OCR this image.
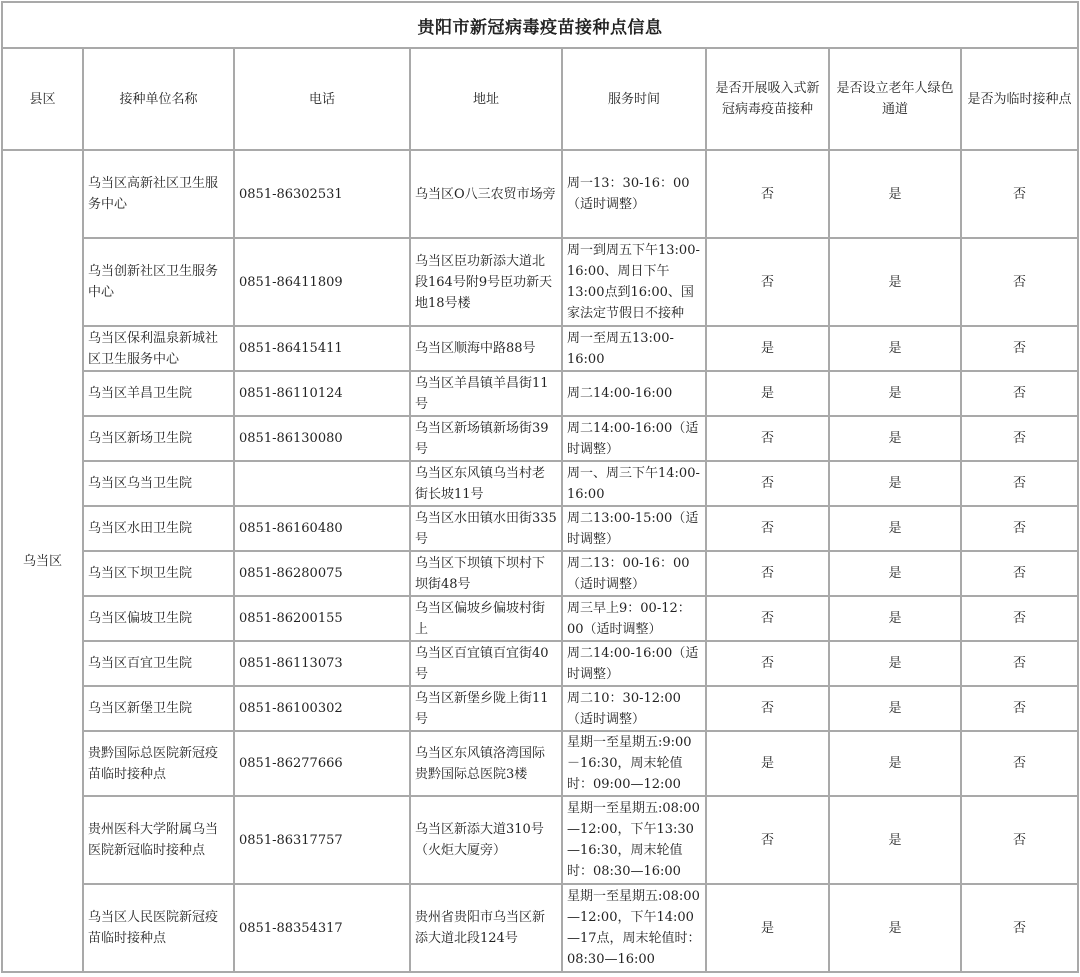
贵阳市新冠病毒疫苗接种点信息							
县区	接种单位名称	电话	地址	服务时间	是否开展吸入式新冠病毒疫苗接种	是否设立老年人绿色通道	是否为临时接种点
乌当区	乌当区高新社区卫生服务中心	0851-86302531	乌当区O八三农贸市场旁	周一13：30-16：00（适时调整）	否	是	否
	乌当创新社区卫生服务中心	0851-86411809	乌当区臣功新添大道北段164号附9号臣功新天地18号楼	周一到周五下午13:00-16:00、周日下午13:00点到16:00、国家法定节假日不接种	否	是	否
	乌当区保利温泉新城社区卫生服务中心	0851-86415411	乌当区顺海中路88号	周一至周五13:00-16:00	是	是	否
	乌当区羊昌卫生院	0851-86110124	乌当区羊昌镇羊昌街11号	周二14:00-16:00	是	是	否
	乌当区新场卫生院	0851-86130080	乌当区新场镇新场街39号	周二14:00-16:00（适时调整）	否	是	否
	乌当区乌当卫生院		乌当区东风镇乌当村老街长坡11号	周一、周三下午14:00-16:00	否	是	否
	乌当区水田卫生院	0851-86160480	乌当区水田镇水田街335号	周二13:00-15:00（适时调整）	否	是	否
	乌当区下坝卫生院	0851-86280075	乌当区下坝镇下坝村下坝街48号	周二13：00-16：00（适时调整）	否	是	否
	乌当区偏坡卫生院	0851-86200155	乌当区偏坡乡偏坡村街上	周三早上9：00-12：00（适时调整）	否	是	否
	乌当区百宜卫生院	0851-86113073	乌当区百宜镇百宜街40号	周二14:00-16:00（适时调整）	否	是	否
	乌当区新堡卫生院	0851-86100302	乌当区新堡乡陇上街11号	周二10：30-12:00（适时调整）	否	是	否
	贵黔国际总医院新冠疫苗临时接种点	0851-86277666	乌当区东风镇洛湾国际贵黔国际总医院3楼	星期一至星期五:9:00－16:30，周末轮值时：09:00—12:00	是	是	否
	贵州医科大学附属乌当医院新冠临时接种点	0851-86317757	乌当区新添大道310号（火炬大厦旁）	星期一至星期五:08:00—12:00，下午13:30—16:30，周末轮值时：08:30—16:00	否	是	否
	乌当区人民医院新冠疫苗临时接种点	0851-88354317	贵州省贵阳市乌当区新添大道北段124号	星期一至星期五:08:00—12:00，下午14:00—17点，周末轮值时：08:30—16:00	是	是	否
